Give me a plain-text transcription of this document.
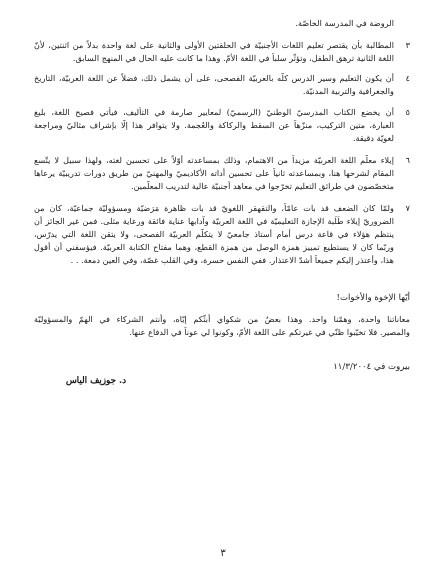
الروضة في المدرسة الخاصّة.
٣
المطالبة بأن يقتصر تعليم اللغات الأجنبيّة في الحلقتين الأولى والثانية على لغة واحدة بدلاً من اثنتين، لأنّ
اللغة الثانية ترهق الطفل، وتؤثّر سلباً في اللغة الأمّ. وهذا ما كانت عليه الحال في المنهج السابق.
٤
أن يكون التعليم وسير الدرس كلّه بالعربيّة الفصحى، على أن يشمل ذلك، فضلاً عن اللغة العربيّة، التاريخ
والجغرافية والتربية المدنيّة.
٥
أن يخضع الكتاب المدرسيّ الوطنيّ (الرسميّ) لمعايير صارمة في التأليف، فيأتي فصيح اللغة، بليغ
العبارة، متين التركيب، منزّهاً عن السقط والركاكة والعُجمة. ولا يتوافر هذا إلّا بإشراف مثاليّ ومراجعة
لغويّة دقيقة.
٦
إيلاء معلّم اللغة العربيّة مزيداً من الاهتمام، وذلك بمساعدته أوّلاً على تحسين لغته، ولهذا سبيل لا يتّسع
المقام لشرحها هنا، وبمساعدته ثانياً على تحسين أداته الأكاديميّ والمهنيّ من طريق دورات تدريبيّة يرعاها
متخصّصون في طرائق التعليم تخرّجوا في معاهد أجنبيّة عالية لتدريب المعلّمين.
٧
ولمّا كان الضعف قد بات عامّاً، والتقهقر اللغويّ قد بات ظاهرة مَرَضيّة ومسؤوليّة جماعيّة، كان من
الضروريّ إيلاء طَلَبة الإجازة التعليميّة في اللغة العربيّة وآدابها عناية فائقة ورعاية مثلى. فمن غير الجائز أن
ينتظم هؤلاء في قاعة درس أمام أستاذ جامعيّ لا يتكلّم العربيّة الفصحى، ولا يتقن اللغة التي يدرّس،
وربّما كان لا يستطيع تمييز همزة الوصل من همزة القطع، وهما مفتاح الكتابة العربيّة. فيؤسفني أن أقول
هذا، وأعتذر إليكم جميعاً أشدّ الاعتذار. ففي النفس حسرة، وفي القلب غصّة، وفي العين دمعة. . .
أيّها الإخوة والأخوات!
معاناتنا واحدة، وهمّنا واحد. وهذا بعضٌ من شكواي أبثّكم إيّاه، وأنتم الشركاء في الهمّ والمسؤوليّة
والمصير. فلا تخيّبوا ظنّي في غيرتكم على اللغة الأمّ، وكونوا لي عوناً في الدفاع عنها.
بيروت في ١١/٣/٢٠٠٤
د. جوزيف الياس
٣
